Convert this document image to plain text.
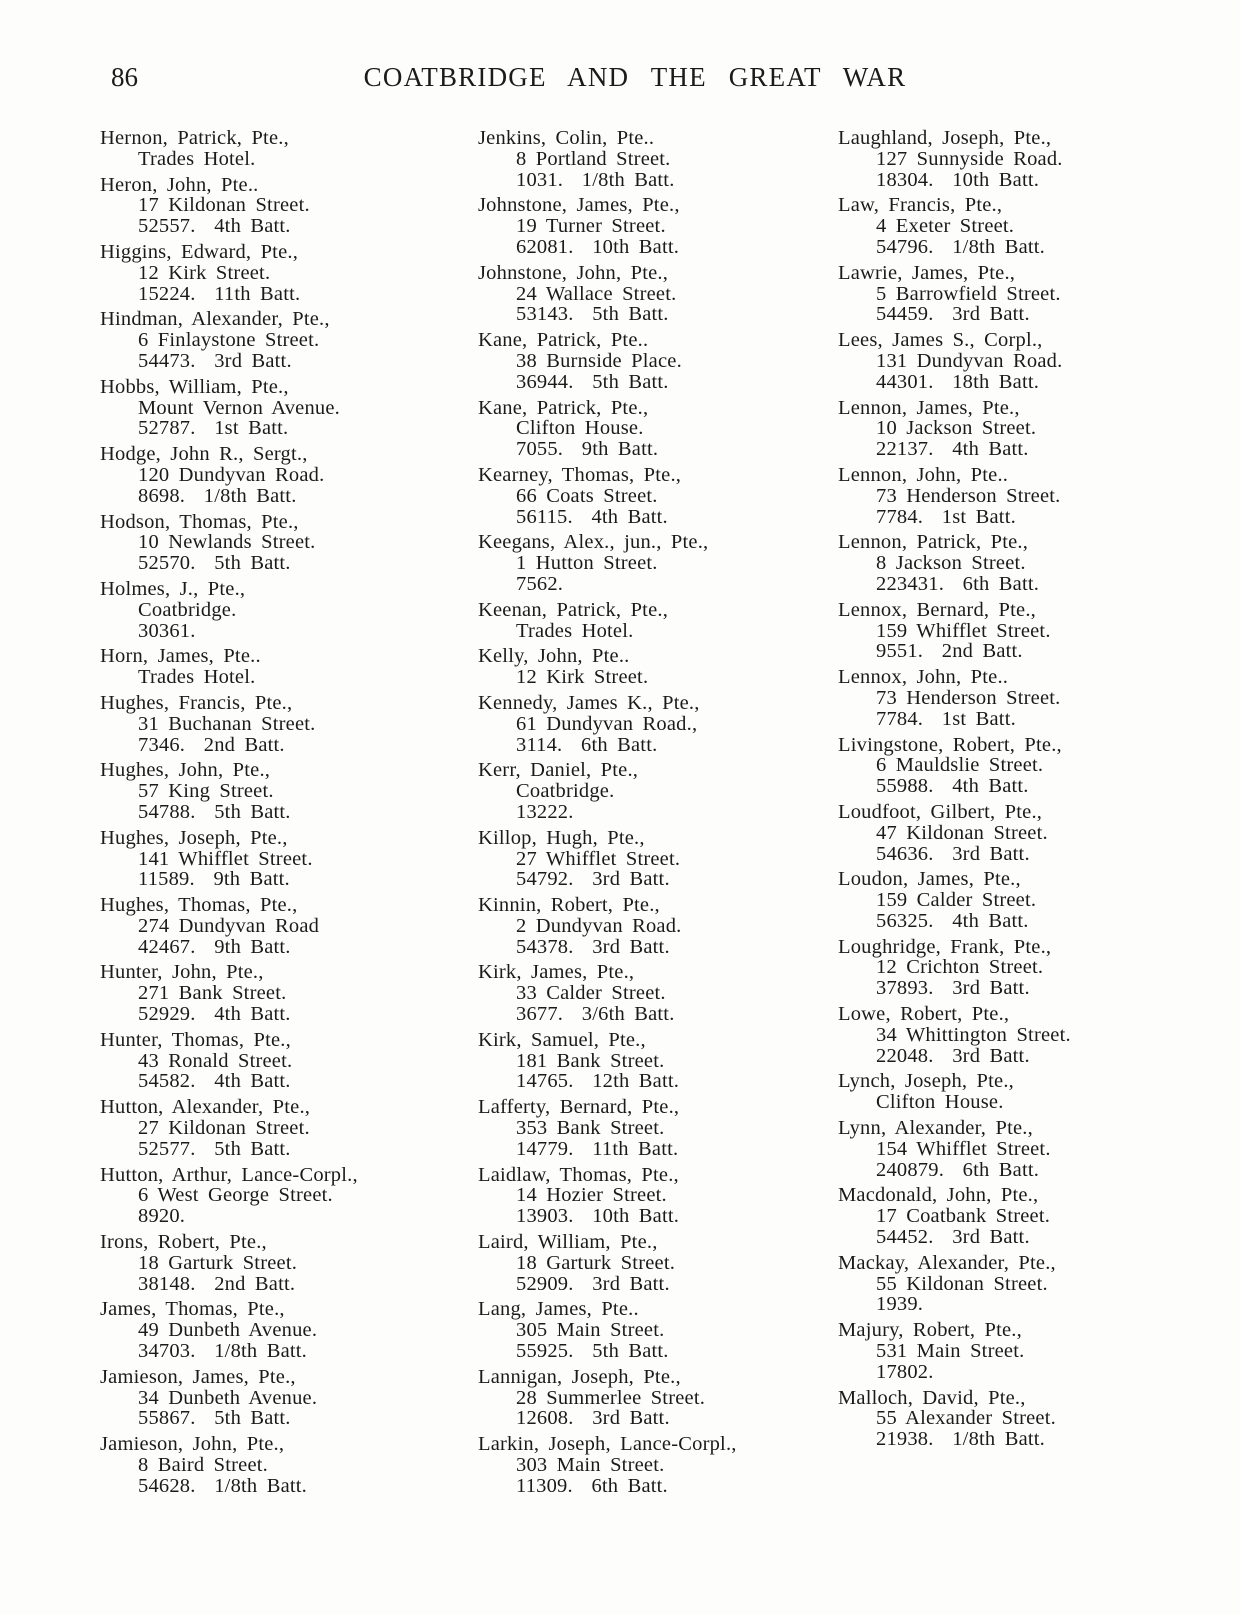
86	COATBRIDGE AND THE GREAT WAR
Hernon, Patrick, Pte.,
Trades Hotel.
Heron, John, Pte..
17 Kildonan Street.
52557.  4th Batt.
Higgins, Edward, Pte.,
12 Kirk Street.
15224.  11th Batt.
Hindman, Alexander, Pte.,
6 Finlaystone Street.
54473.  3rd Batt.
Hobbs, William, Pte.,
Mount Vernon Avenue.
52787.  1st Batt.
Hodge, John R., Sergt.,
120 Dundyvan Road.
8698.  1/8th Batt.
Hodson, Thomas, Pte.,
10 Newlands Street.
52570.  5th Batt.
Holmes, J., Pte.,
Coatbridge.
30361.
Horn, James, Pte..
Trades Hotel.
Hughes, Francis, Pte.,
31 Buchanan Street.
7346.  2nd Batt.
Hughes, John, Pte.,
57 King Street.
54788.  5th Batt.
Hughes, Joseph, Pte.,
141 Whifflet Street.
11589.  9th Batt.
Hughes, Thomas, Pte.,
274 Dundyvan Road
42467.  9th Batt.
Hunter, John, Pte.,
271 Bank Street.
52929.  4th Batt.
Hunter, Thomas, Pte.,
43 Ronald Street.
54582.  4th Batt.
Hutton, Alexander, Pte.,
27 Kildonan Street.
52577.  5th Batt.
Hutton, Arthur, Lance-Corpl.,
6 West George Street.
8920.
Irons, Robert, Pte.,
18 Garturk Street.
38148.  2nd Batt.
James, Thomas, Pte.,
49 Dunbeth Avenue.
34703.  1/8th Batt.
Jamieson, James, Pte.,
34 Dunbeth Avenue.
55867.  5th Batt.
Jamieson, John, Pte.,
8 Baird Street.
54628.  1/8th Batt.
Jenkins, Colin, Pte..
8 Portland Street.
1031.  1/8th Batt.
Johnstone, James, Pte.,
19 Turner Street.
62081.  10th Batt.
Johnstone, John, Pte.,
24 Wallace Street.
53143.  5th Batt.
Kane, Patrick, Pte..
38 Burnside Place.
36944.  5th Batt.
Kane, Patrick, Pte.,
Clifton House.
7055.  9th Batt.
Kearney, Thomas, Pte.,
66 Coats Street.
56115.  4th Batt.
Keegans, Alex., jun., Pte.,
1 Hutton Street.
7562.
Keenan, Patrick, Pte.,
Trades Hotel.
Kelly, John, Pte..
12 Kirk Street.
Kennedy, James K., Pte.,
61 Dundyvan Road.,
3114.  6th Batt.
Kerr, Daniel, Pte.,
Coatbridge.
13222.
Killop, Hugh, Pte.,
27 Whifflet Street.
54792.  3rd Batt.
Kinnin, Robert, Pte.,
2 Dundyvan Road.
54378.  3rd Batt.
Kirk, James, Pte.,
33 Calder Street.
3677.  3/6th Batt.
Kirk, Samuel, Pte.,
181 Bank Street.
14765.  12th Batt.
Lafferty, Bernard, Pte.,
353 Bank Street.
14779.  11th Batt.
Laidlaw, Thomas, Pte.,
14 Hozier Street.
13903.  10th Batt.
Laird, William, Pte.,
18 Garturk Street.
52909.  3rd Batt.
Lang, James, Pte..
305 Main Street.
55925.  5th Batt.
Lannigan, Joseph, Pte.,
28 Summerlee Street.
12608.  3rd Batt.
Larkin, Joseph, Lance-Corpl.,
303 Main Street.
11309.  6th Batt.
Laughland, Joseph, Pte.,
127 Sunnyside Road.
18304.  10th Batt.
Law, Francis, Pte.,
4 Exeter Street.
54796.  1/8th Batt.
Lawrie, James, Pte.,
5 Barrowfield Street.
54459.  3rd Batt.
Lees, James S., Corpl.,
131 Dundyvan Road.
44301.  18th Batt.
Lennon, James, Pte.,
10 Jackson Street.
22137.  4th Batt.
Lennon, John, Pte..
73 Henderson Street.
7784.  1st Batt.
Lennon, Patrick, Pte.,
8 Jackson Street.
223431.  6th Batt.
Lennox, Bernard, Pte.,
159 Whifflet Street.
9551.  2nd Batt.
Lennox, John, Pte..
73 Henderson Street.
7784.  1st Batt.
Livingstone, Robert, Pte.,
6 Mauldslie Street.
55988.  4th Batt.
Loudfoot, Gilbert, Pte.,
47 Kildonan Street.
54636.  3rd Batt.
Loudon, James, Pte.,
159 Calder Street.
56325.  4th Batt.
Loughridge, Frank, Pte.,
12 Crichton Street.
37893.  3rd Batt.
Lowe, Robert, Pte.,
34 Whittington Street.
22048.  3rd Batt.
Lynch, Joseph, Pte.,
Clifton House.
Lynn, Alexander, Pte.,
154 Whifflet Street.
240879.  6th Batt.
Macdonald, John, Pte.,
17 Coatbank Street.
54452.  3rd Batt.
Mackay, Alexander, Pte.,
55 Kildonan Street.
1939.
Majury, Robert, Pte.,
531 Main Street.
17802.
Malloch, David, Pte.,
55 Alexander Street.
21938.  1/8th Batt.
